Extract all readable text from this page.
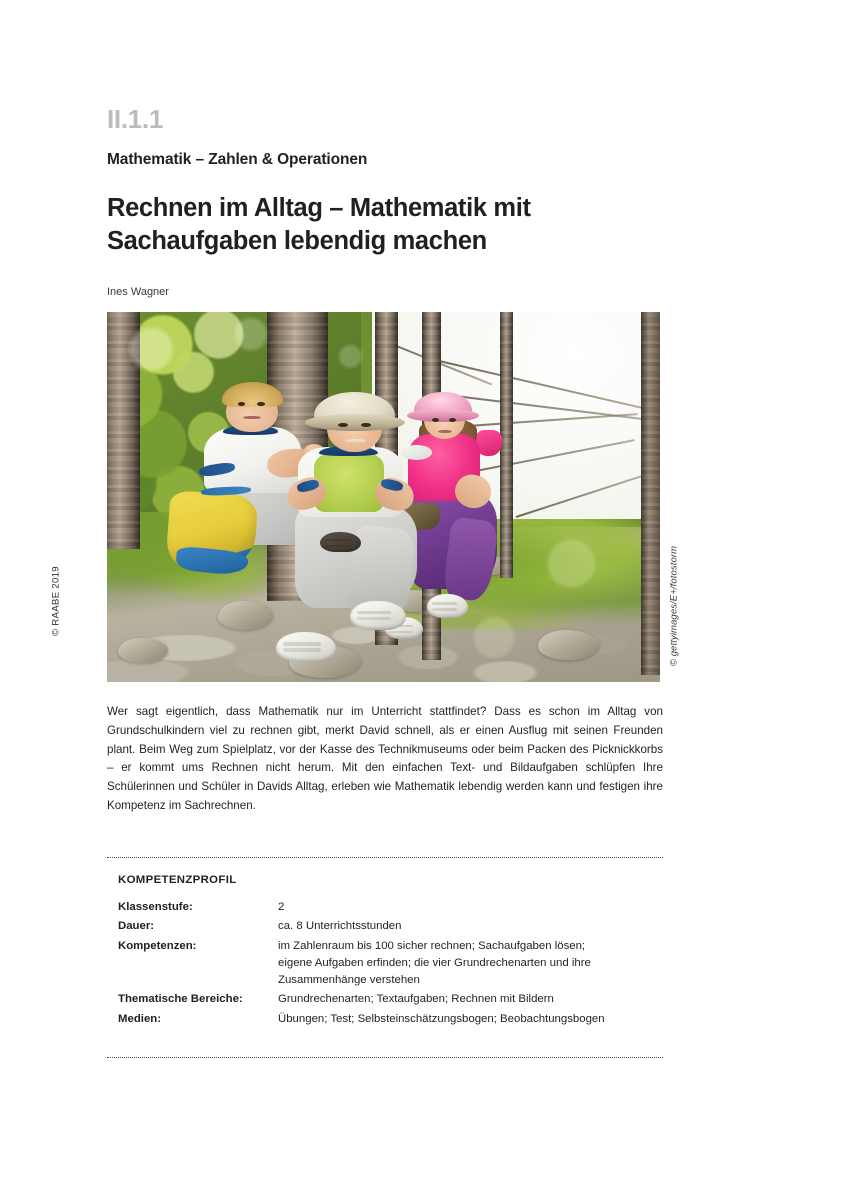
© RAABE 2019
II.1.1
Mathematik – Zahlen & Operationen
Rechnen im Alltag – Mathematik mit Sachaufgaben lebendig machen
Ines Wagner
© gettyimages/E+/fotostorm
Wer sagt eigentlich, dass Mathematik nur im Unterricht stattfindet? Dass es schon im Alltag von Grundschulkindern viel zu rechnen gibt, merkt David schnell, als er einen Ausflug mit seinen Freunden plant. Beim Weg zum Spielplatz, vor der Kasse des Technikmuseums oder beim Packen des Picknickkorbs – er kommt ums Rechnen nicht herum. Mit den einfachen Text- und Bildaufgaben schlüpfen Ihre Schülerinnen und Schüler in Davids Alltag, erleben wie Mathematik lebendig werden kann und festigen ihre Kompetenz im Sachrechnen.
KOMPETENZPROFIL
Klassenstufe:	2
Dauer:	ca. 8 Unterrichtsstunden
Kompetenzen:	im Zahlenraum bis 100 sicher rechnen; Sachaufgaben lösen;
eigene Aufgaben erfinden; die vier Grundrechenarten und ihre
Zusammenhänge verstehen

Thematische Bereiche:	Grundrechenarten; Textaufgaben; Rechnen mit Bildern
Medien:	Übungen; Test; Selbsteinschätzungsbogen; Beobachtungsbogen
